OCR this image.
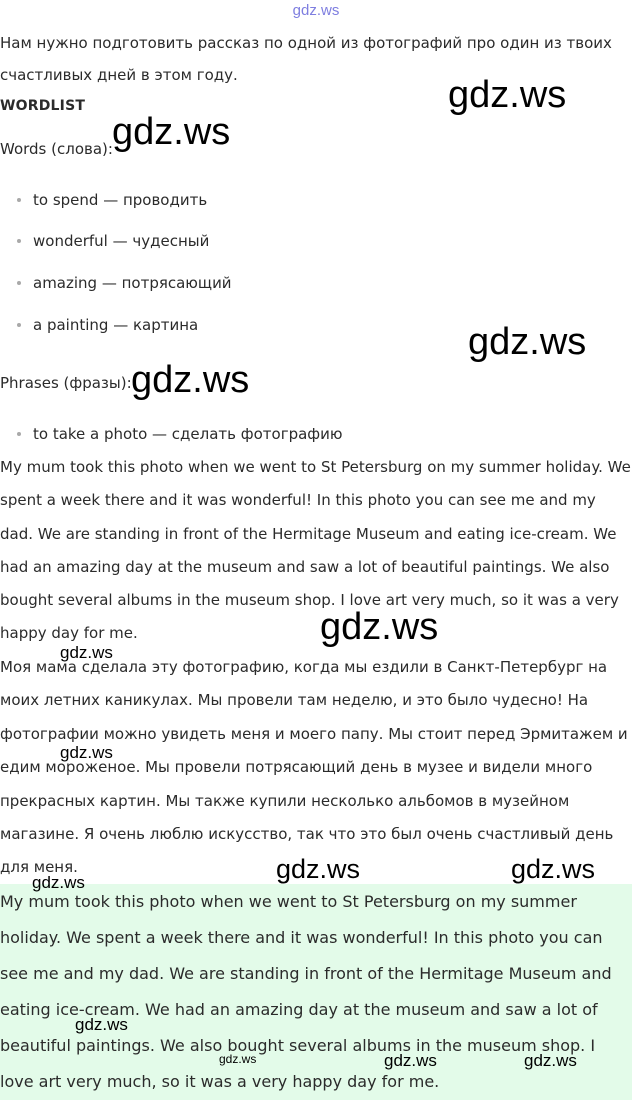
gdz.ws

Нам нужно подготовить рассказ по одной из фотографий про один из твоих

счастливых дней в этом году.

WORDLIST

Words (слова):

to spend — проводить
wonderful — чудесный
amazing — потрясающий
a painting — картина

Phrases (фразы):

to take a photo — сделать фотографию

My mum took this photo when we went to St Petersburg on my summer holiday. We

spent a week there and it was wonderful! In this photo you can see me and my

dad. We are standing in front of the Hermitage Museum and eating ice-cream. We

had an amazing day at the museum and saw a lot of beautiful paintings. We also

bought several albums in the museum shop. I love art very much, so it was a very

happy day for me.

Моя мама сделала эту фотографию, когда мы ездили в Санкт-Петербург на

моих летних каникулах. Мы провели там неделю, и это было чудесно! На

фотографии можно увидеть меня и моего папу. Мы стоит перед Эрмитажем и

едим мороженое. Мы провели потрясающий день в музее и видели много

прекрасных картин. Мы также купили несколько альбомов в музейном

магазине. Я очень люблю искусство, так что это был очень счастливый день

для меня.

My mum took this photo when we went to St Petersburg on my summer

holiday. We spent a week there and it was wonderful! In this photo you can

see me and my dad. We are standing in front of the Hermitage Museum and

eating ice-cream. We had an amazing day at the museum and saw a lot of

beautiful paintings. We also bought several albums in the museum shop. I

love art very much, so it was a very happy day for me.

gdz.ws
gdz.ws
gdz.ws
gdz.ws
gdz.ws
gdz.ws
gdz.ws
gdz.ws	gdz.ws
gdz.ws
gdz.ws
gdz.ws	gdz.ws	gdz.ws
